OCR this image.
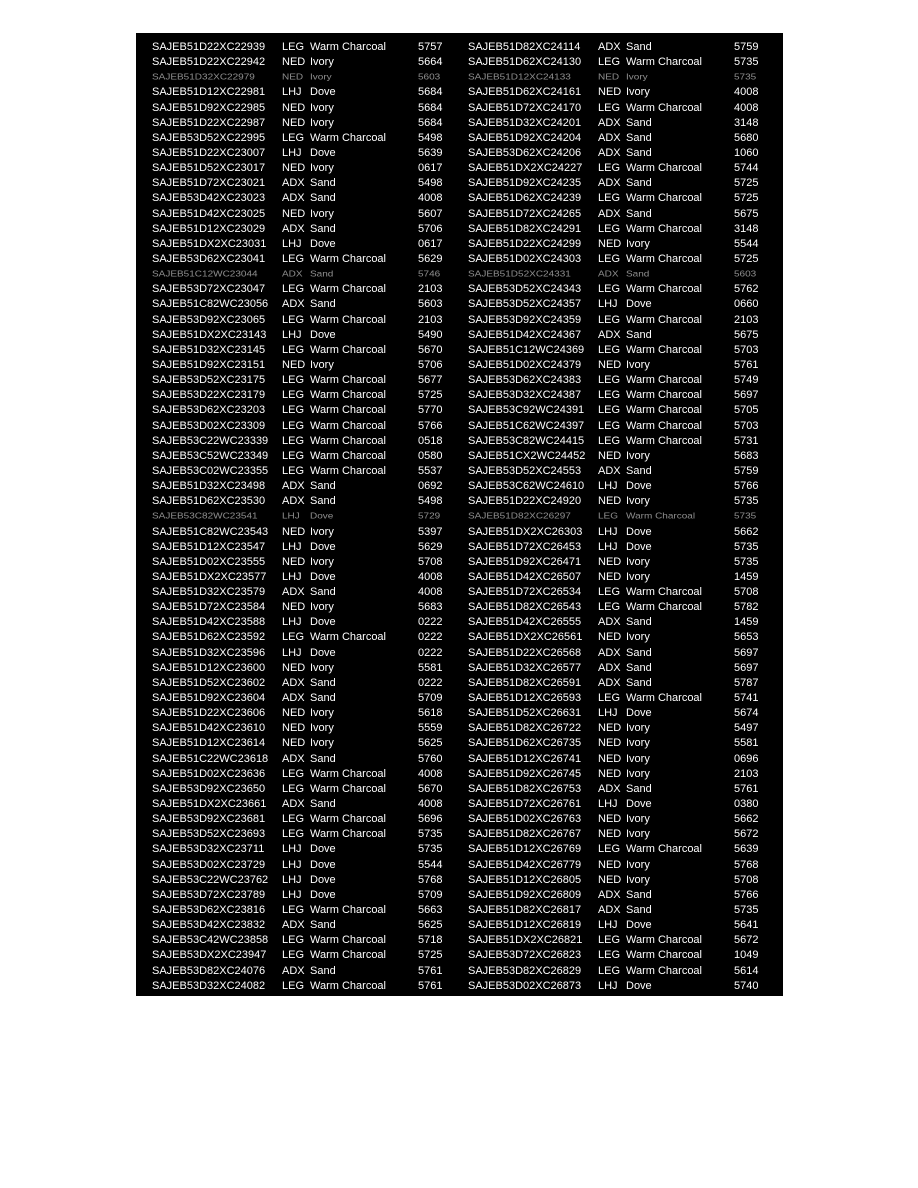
SAJEB51D22XC22939 LEG Warm Charcoal	5757
SAJEB51D22XC22942 NED Ivory	5664
SAJEB51D32XC22979	NED Ivory	5603
SAJEB51D12XC22981 LHJ Dove	5684
SAJEB51D92XC22985 NED Ivory	5684
SAJEB51D22XC22987 NED Ivory	5684
SAJEB53D52XC22995 LEG Warm Charcoal	5498
SAJEB51D22XC23007 LHJ Dove	5639
SAJEB51D52XC23017 NED Ivory	0617
SAJEB51D72XC23021 ADX Sand	5498
SAJEB53D42XC23023 ADX Sand	4008
SAJEB51D42XC23025 NED Ivory	5607
SAJEB51D12XC23029 ADX Sand	5706
SAJEB51DX2XC23031 LHJ Dove	0617
SAJEB53D62XC23041 LEG Warm Charcoal	5629
SAJEB51C12WC23044 ADX Sand	5746
SAJEB53D72XC23047 LEG Warm Charcoal	2103
SAJEB51C82WC23056 ADX Sand	5603
SAJEB53D92XC23065 LEG Warm Charcoal	2103
SAJEB51DX2XC23143 LHJ Dove	5490
SAJEB51D32XC23145 LEG Warm Charcoal	5670
SAJEB51D92XC23151 NED Ivory	5706
SAJEB53D52XC23175 LEG Warm Charcoal	5677
SAJEB53D22XC23179 LEG Warm Charcoal	5725
SAJEB53D62XC23203 LEG Warm Charcoal	5770
SAJEB53D02XC23309 LEG Warm Charcoal	5766
SAJEB53C22WC23339 LEG Warm Charcoal	0518
SAJEB53C52WC23349 LEG Warm Charcoal	0580
SAJEB53C02WC23355 LEG Warm Charcoal	5537
SAJEB51D32XC23498 ADX Sand	0692
SAJEB51D62XC23530 ADX Sand	5498
SAJEB53C82WC23541 LHJ Dove	5729
SAJEB51C82WC23543 NED Ivory	5397
SAJEB51D12XC23547 LHJ Dove	5629
SAJEB51D02XC23555 NED Ivory	5708
SAJEB51DX2XC23577 LHJ Dove	4008
SAJEB51D32XC23579 ADX Sand	4008
SAJEB51D72XC23584 NED Ivory	5683
SAJEB51D42XC23588 LHJ Dove	0222
SAJEB51D62XC23592 LEG Warm Charcoal	0222
SAJEB51D32XC23596 LHJ Dove	0222
SAJEB51D12XC23600 NED Ivory	5581
SAJEB51D52XC23602 ADX Sand	0222
SAJEB51D92XC23604 ADX Sand	5709
SAJEB51D22XC23606 NED Ivory	5618
SAJEB51D42XC23610 NED Ivory	5559
SAJEB51D12XC23614 NED Ivory	5625
SAJEB51C22WC23618 ADX Sand	5760
SAJEB51D02XC23636 LEG Warm Charcoal	4008
SAJEB53D92XC23650 LEG Warm Charcoal	5670
SAJEB51DX2XC23661 ADX Sand	4008
SAJEB53D92XC23681 LEG Warm Charcoal	5696
SAJEB53D52XC23693 LEG Warm Charcoal	5735
SAJEB53D32XC23711 LHJ Dove	5735
SAJEB53D02XC23729 LHJ Dove	5544
SAJEB53C22WC23762 LHJ Dove	5768
SAJEB53D72XC23789 LHJ Dove	5709
SAJEB53D62XC23816 LEG Warm Charcoal	5663
SAJEB53D42XC23832 ADX Sand	5625
SAJEB53C42WC23858 LEG Warm Charcoal	5718
SAJEB53DX2XC23947 LEG Warm Charcoal	5725
SAJEB53D82XC24076 ADX Sand	5761
SAJEB53D32XC24082 LEG Warm Charcoal	5761
SAJEB51D82XC24114 ADX Sand	5759
SAJEB51D62XC24130 LEG Warm Charcoal	5735
SAJEB51D12XC24133	NED Ivory	5735
SAJEB51D62XC24161 NED Ivory	4008
SAJEB51D72XC24170 LEG Warm Charcoal	4008
SAJEB51D32XC24201 ADX Sand	3148
SAJEB51D92XC24204 ADX Sand	5680
SAJEB53D62XC24206 ADX Sand	1060
SAJEB51DX2XC24227 LEG Warm Charcoal	5744
SAJEB51D92XC24235 ADX Sand	5725
SAJEB51D62XC24239 LEG Warm Charcoal	5725
SAJEB51D72XC24265 ADX Sand	5675
SAJEB51D82XC24291 LEG Warm Charcoal	3148
SAJEB51D22XC24299 NED Ivory	5544
SAJEB51D02XC24303 LEG Warm Charcoal	5725
SAJEB51D52XC24331	ADX Sand	5603
SAJEB53D52XC24343 LEG Warm Charcoal	5762
SAJEB53D52XC24357 LHJ Dove	0660
SAJEB53D92XC24359 LEG Warm Charcoal	2103
SAJEB51D42XC24367 ADX Sand	5675
SAJEB51C12WC24369 LEG Warm Charcoal	5703
SAJEB51D02XC24379 NED Ivory	5761
SAJEB53D62XC24383 LEG Warm Charcoal	5749
SAJEB53D32XC24387 LEG Warm Charcoal	5697
SAJEB53C92WC24391 LEG Warm Charcoal	5705
SAJEB51C62WC24397 LEG Warm Charcoal	5703
SAJEB53C82WC24415 LEG Warm Charcoal	5731
SAJEB51CX2WC24452 NED Ivory	5683
SAJEB53D52XC24553 ADX Sand	5759
SAJEB53C62WC24610 LHJ Dove	5766
SAJEB51D22XC24920 NED Ivory	5735
SAJEB51D82XC26297	LEG Warm Charcoal	5735
SAJEB51DX2XC26303 LHJ Dove	5662
SAJEB51D72XC26453 LHJ Dove	5735
SAJEB51D92XC26471 NED Ivory	5735
SAJEB51D42XC26507 NED Ivory	1459
SAJEB51D72XC26534 LEG Warm Charcoal	5708
SAJEB51D82XC26543 LEG Warm Charcoal	5782
SAJEB51D42XC26555 ADX Sand	1459
SAJEB51DX2XC26561 NED Ivory	5653
SAJEB51D22XC26568 ADX Sand	5697
SAJEB51D32XC26577 ADX Sand	5697
SAJEB51D82XC26591 ADX Sand	5787
SAJEB51D12XC26593 LEG Warm Charcoal	5741
SAJEB51D52XC26631 LHJ Dove	5674
SAJEB51D82XC26722 NED Ivory	5497
SAJEB51D62XC26735 NED Ivory	5581
SAJEB51D12XC26741 NED Ivory	0696
SAJEB51D92XC26745 NED Ivory	2103
SAJEB51D82XC26753 ADX Sand	5761
SAJEB51D72XC26761 LHJ Dove	0380
SAJEB51D02XC26763 NED Ivory	5662
SAJEB51D82XC26767 NED Ivory	5672
SAJEB51D12XC26769 LEG Warm Charcoal	5639
SAJEB51D42XC26779 NED Ivory	5768
SAJEB51D12XC26805 NED Ivory	5708
SAJEB51D92XC26809 ADX Sand	5766
SAJEB51D82XC26817 ADX Sand	5735
SAJEB51D12XC26819 LHJ Dove	5641
SAJEB51DX2XC26821 LEG Warm Charcoal	5672
SAJEB53D72XC26823 LEG Warm Charcoal	1049
SAJEB53D82XC26829 LEG Warm Charcoal	5614
SAJEB53D02XC26873 LHJ Dove	5740
